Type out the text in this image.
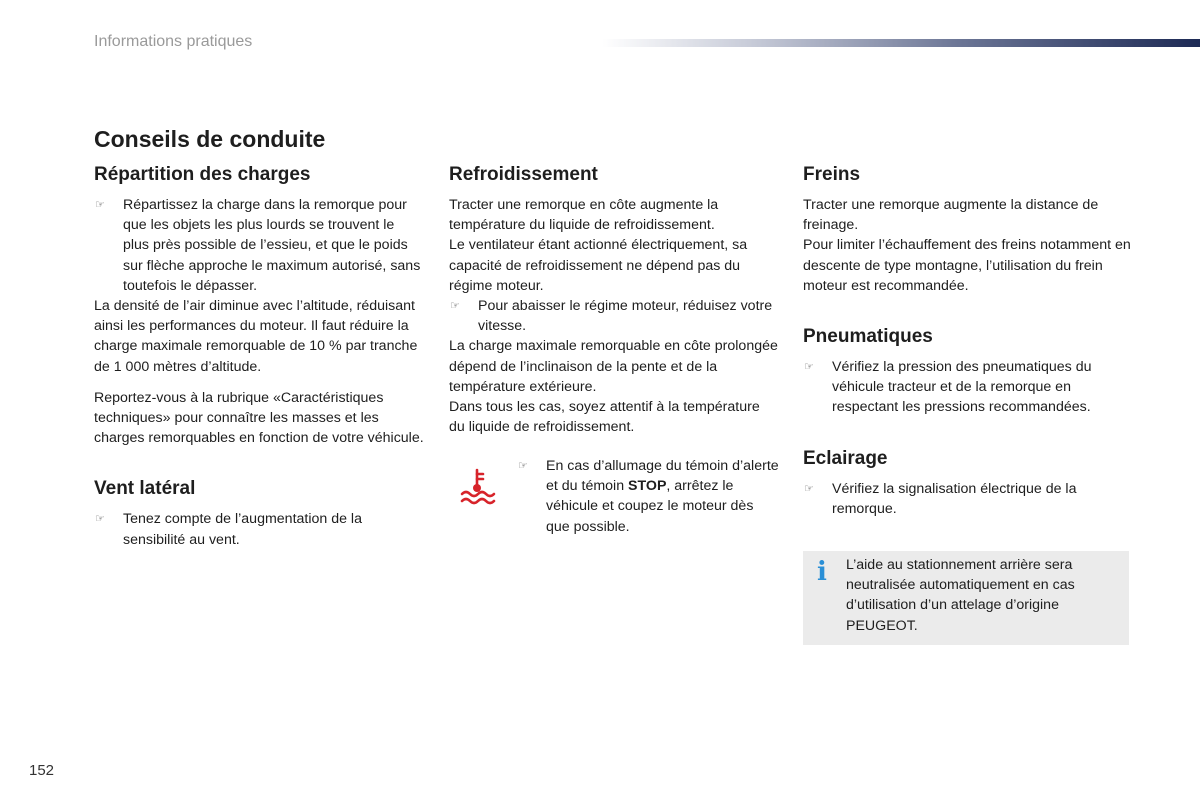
Informations pratiques
Conseils de conduite
Répartition des charges
☞ Répartissez la charge dans la remorque pour que les objets les plus lourds se trouvent le plus près possible de l’essieu, et que le poids sur flèche approche le maximum autorisé, sans toutefois le dépasser.

La densité de l’air diminue avec l’altitude, réduisant ainsi les performances du moteur. Il faut réduire la charge maximale remorquable de 10 % par tranche de 1 000 mètres d’altitude.

Reportez-vous à la rubrique «Caractéristiques techniques» pour connaître les masses et les charges remorquables en fonction de votre véhicule.

Vent latéral
☞ Tenez compte de l’augmentation de la sensibilité au vent.
Refroidissement

Tracter une remorque en côte augmente la température du liquide de refroidissement.

Le ventilateur étant actionné électriquement, sa capacité de refroidissement ne dépend pas du régime moteur.

☞ Pour abaisser le régime moteur, réduisez votre vitesse.

La charge maximale remorquable en côte prolongée dépend de l’inclinaison de la pente et de la température extérieure.

Dans tous les cas, soyez attentif à la température du liquide de refroidissement.

☞ En cas d’allumage du témoin d’alerte et du témoin STOP, arrêtez le véhicule et coupez le moteur dès que possible.
Freins

Tracter une remorque augmente la distance de freinage.

Pour limiter l’échauffement des freins notamment en descente de type montagne, l’utilisation du frein moteur est recommandée.

Pneumatiques
☞ Vérifiez la pression des pneumatiques du véhicule tracteur et de la remorque en respectant les pressions recommandées.
Eclairage
☞ Vérifiez la signalisation électrique de la remorque.
i L’aide au stationnement arrière sera neutralisée automatiquement en cas d’utilisation d’un attelage d’origine PEUGEOT.

152
